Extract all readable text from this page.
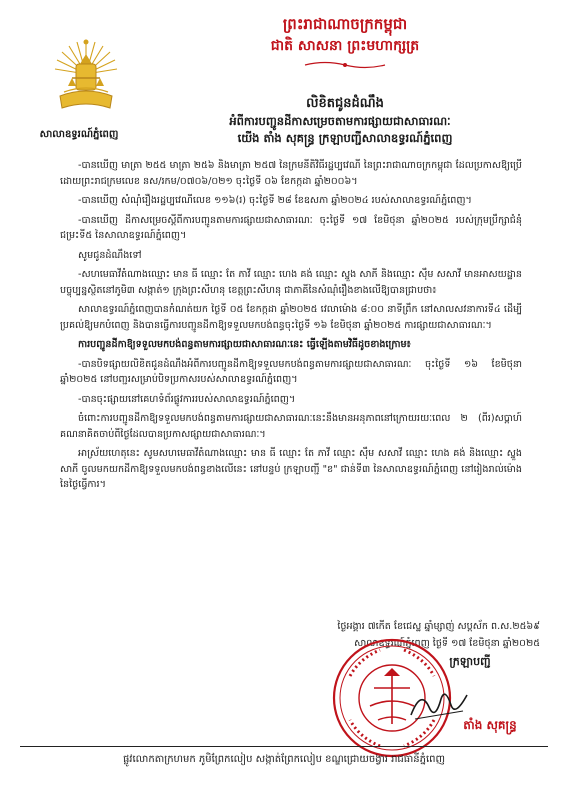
ព្រះរាជាណាចក្រកម្ពុជា
ជាតិ សាសនា ព្រះមហាក្សត្រ
សាលាឧទ្ធរណ៍ភ្នំពេញ
លិខិតជូនដំណឹង
អំពីការបញ្ជូនដីកាសម្រេចតាមការផ្សាយជាសាធារណៈ
យើង តាំង សុគន្ធ្រ ក្រឡាបញ្ជីសាលាឧទ្ធរណ៍ភ្នំពេញ

-បានឃើញ មាត្រា ២៥៥ មាត្រា ២៥៦ និងមាត្រា ២៥៧ នៃក្រមនីតិវិធីរដ្ឋប្បវេណី នៃព្រះរាជាណាចក្រកម្ពុជា ដែលប្រកាសឱ្យប្រើដោយព្រះរាជក្រមលេខ នស/រកម/០៧០៦/០២១ ចុះថ្ងៃទី ០៦ ខែកក្កដា ឆ្នាំ២០០៦។

-បានឃើញ សំណុំរឿងរដ្ឋប្បវេណីលេខ ១១៦(រ) ចុះថ្ងៃទី ២៨ ខែឧសភា ឆ្នាំ២០២៤ របស់សាលាឧទ្ធរណ៍ភ្នំពេញ។

-បានឃើញ ដីកាសម្រេចស្តីពីការបញ្ជូនតាមការផ្សាយជាសាធារណៈ ចុះថ្ងៃទី ១៧ ខែមិថុនា ឆ្នាំ២០២៥ របស់ក្រុមប្រឹក្សាជំនុំជម្រះទី៥ នៃសាលាឧទ្ធរណ៍ភ្នំពេញ។

សូមជូនដំណឹងទៅ

-សហមេធាវីតំណាងឈ្មោះ មាន ធី ឈ្មោះ តែ ភាវី ឈ្មោះ ហេង គង់ ឈ្មោះ ស្នួង សាភី និងឈ្មោះ ស៊ឹម សសាវី មានអាសយដ្ឋានបច្ចុប្បន្នស្ថិតនៅភូមិ៣ សង្កាត់១ ក្រុងព្រះសីហនុ ខេត្តព្រះសីហនុ ជាភាគីនៃសំណុំរឿងខាងលើឱ្យបានជ្រាបថា៖

សាលាឧទ្ធរណ៍ភ្នំពេញបានកំណត់យក ថ្ងៃទី ០៥ ខែកក្កដា ឆ្នាំ២០២៥ វេលាម៉ោង ៨:០០ នាទីព្រឹក នៅសាលសវនាការទី៤ ដើម្បីប្រគល់ឱ្យមកបំពេញ និងបានធ្វើការបញ្ជូនដីកាឱ្យទទួលមកបង់ពន្ធចុះថ្ងៃទី ១៦ ខែមិថុនា ឆ្នាំ២០២៥ ការផ្សាយជាសាធារណៈ។

ការបញ្ជូនដីកាឱ្យទទួលមកបង់ពន្ធតាមការផ្សាយជាសាធារណៈនេះ ធ្វើឡើងតាមវិធីដូចខាងក្រោម៖

-បានបិទផ្សាយលិខិតជូនដំណឹងអំពីការបញ្ជូនដីកាឱ្យទទួលមកបង់ពន្ធតាមការផ្សាយជាសាធារណៈ ចុះថ្ងៃទី ១៦ ខែមិថុនា ឆ្នាំ២០២៥ នៅបញ្ជរសម្រាប់បិទប្រកាសរបស់សាលាឧទ្ធរណ៍ភ្នំពេញ។

-បានចុះផ្សាយនៅគេហទំព័រផ្លូវការរបស់សាលាឧទ្ធរណ៍ភ្នំពេញ។

ចំពោះការបញ្ជូនដីកាឱ្យទទួលមកបង់ពន្ធតាមការផ្សាយជាសាធារណៈនេះនឹងមានអនុភាពនៅក្រោយរយៈពេល ២ (ពីរ)សប្តាហ៍ គណនាគិតចាប់ពីថ្ងៃដែលបានប្រកាសផ្សាយជាសាធារណៈ។

អាស្រ័យហេតុនេះ សូមសហមេធាវីតំណាងឈ្មោះ មាន ធី ឈ្មោះ តែ ភាវី ឈ្មោះ ស៊ឹម សសាវី ឈ្មោះ ហេង គង់ និងឈ្មោះ ស្នួង សាភី ចូលមកយកដីកាឱ្យទទួលមកបង់ពន្ធខាងលើនេះ នៅបន្ទប់ ក្រឡាបញ្ជី "ខ" ជាន់ទី៣ នៃសាលាឧទ្ធរណ៍ភ្នំពេញ នៅរៀងរាល់ម៉ោងនៃថ្ងៃធ្វើការ។

ថ្ងៃអង្គារ ៧កើត ខែជេស្ឋ ឆ្នាំម្សាញ់ សប្តស័ក ព.ស.២៥៦៩
សាលាឧទ្ធរណ៍ភ្នំពេញ ថ្ងៃទី ១៧ ខែមិថុនា ឆ្នាំ២០២៥
ក្រឡាបញ្ជី
តាំង សុគន្ធ្រ
ផ្លូវលោកតាក្រហមក ភូមិព្រែកលៀប សង្កាត់ព្រែកលៀប ខណ្ឌជ្រោយចង្វារ រាជធានីភ្នំពេញ
